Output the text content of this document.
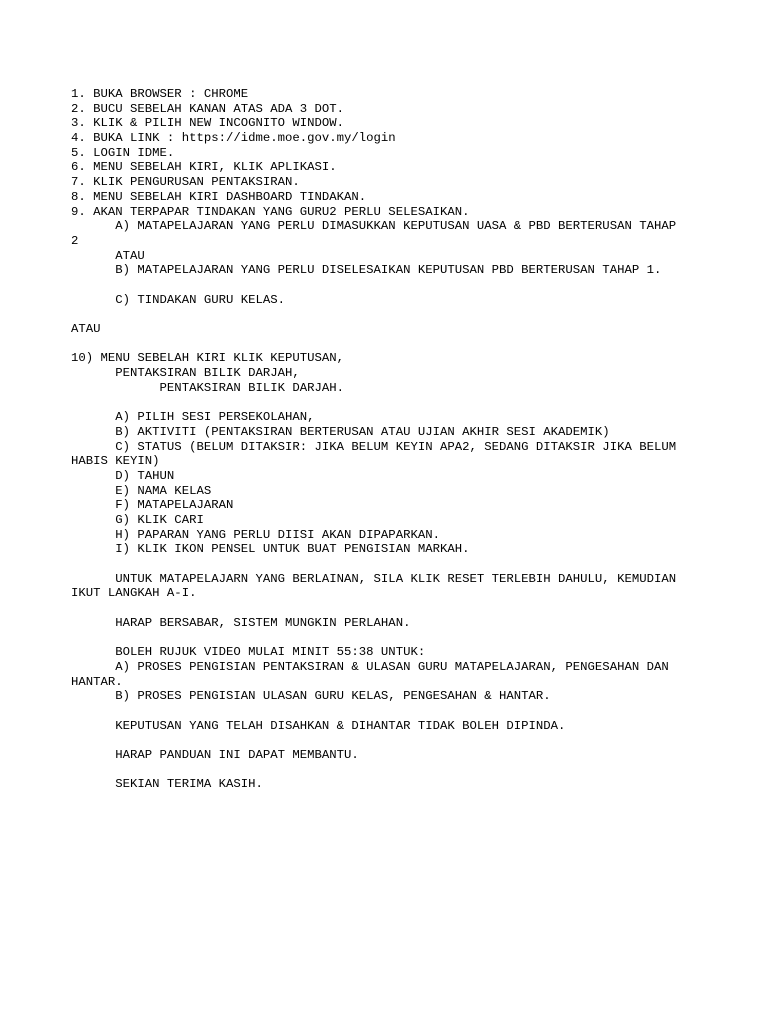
1. BUKA BROWSER : CHROME
2. BUCU SEBELAH KANAN ATAS ADA 3 DOT.
3. KLIK & PILIH NEW INCOGNITO WINDOW.
4. BUKA LINK : https://idme.moe.gov.my/login
5. LOGIN IDME.
6. MENU SEBELAH KIRI, KLIK APLIKASI.
7. KLIK PENGURUSAN PENTAKSIRAN.
8. MENU SEBELAH KIRI DASHBOARD TINDAKAN.
9. AKAN TERPAPAR TINDAKAN YANG GURU2 PERLU SELESAIKAN.
A) MATAPELAJARAN YANG PERLU DIMASUKKAN KEPUTUSAN UASA & PBD BERTERUSAN TAHAP
2
ATAU
B) MATAPELAJARAN YANG PERLU DISELESAIKAN KEPUTUSAN PBD BERTERUSAN TAHAP 1.
C) TINDAKAN GURU KELAS.
ATAU
10) MENU SEBELAH KIRI KLIK KEPUTUSAN,
PENTAKSIRAN BILIK DARJAH,
PENTAKSIRAN BILIK DARJAH.
A) PILIH SESI PERSEKOLAHAN,
B) AKTIVITI (PENTAKSIRAN BERTERUSAN ATAU UJIAN AKHIR SESI AKADEMIK)
C) STATUS (BELUM DITAKSIR: JIKA BELUM KEYIN APA2, SEDANG DITAKSIR JIKA BELUM
HABIS KEYIN)
D) TAHUN
E) NAMA KELAS
F) MATAPELAJARAN
G) KLIK CARI
H) PAPARAN YANG PERLU DIISI AKAN DIPAPARKAN.
I) KLIK IKON PENSEL UNTUK BUAT PENGISIAN MARKAH.
UNTUK MATAPELAJARN YANG BERLAINAN, SILA KLIK RESET TERLEBIH DAHULU, KEMUDIAN
IKUT LANGKAH A-I.
HARAP BERSABAR, SISTEM MUNGKIN PERLAHAN.
BOLEH RUJUK VIDEO MULAI MINIT 55:38 UNTUK:
A) PROSES PENGISIAN PENTAKSIRAN & ULASAN GURU MATAPELAJARAN, PENGESAHAN DAN
HANTAR.
B) PROSES PENGISIAN ULASAN GURU KELAS, PENGESAHAN & HANTAR.
KEPUTUSAN YANG TELAH DISAHKAN & DIHANTAR TIDAK BOLEH DIPINDA.
HARAP PANDUAN INI DAPAT MEMBANTU.
SEKIAN TERIMA KASIH.
